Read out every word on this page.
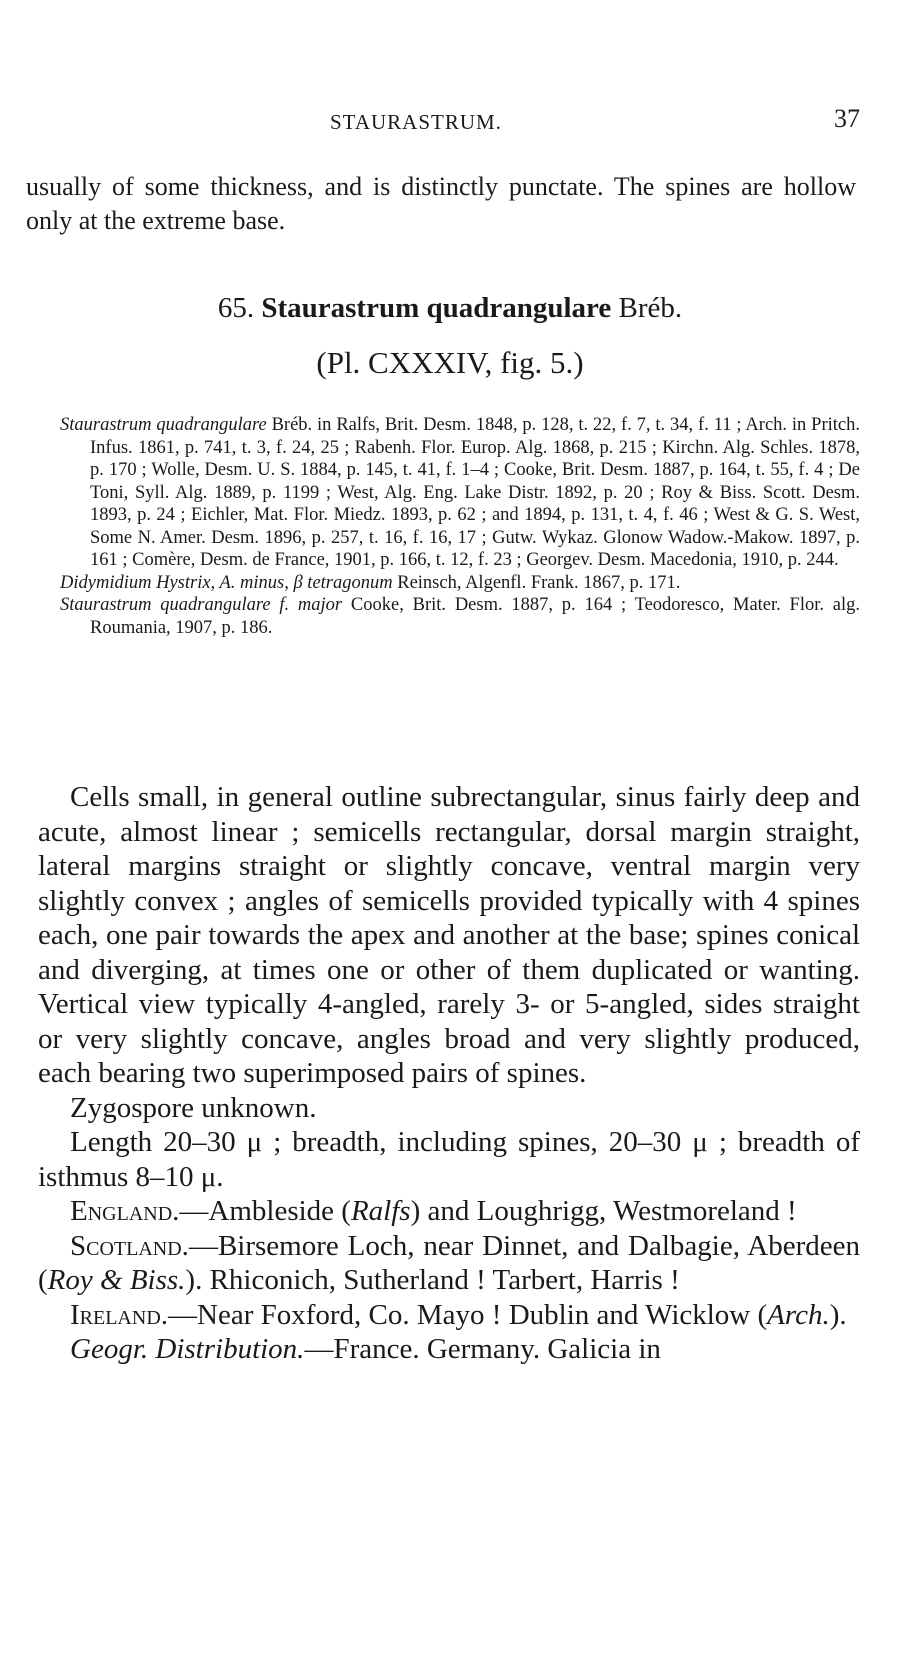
STAURASTRUM.	37

usually of some thickness, and is distinctly punctate. The spines are hollow only at the extreme base.

65. Staurastrum quadrangulare Bréb.
(Pl. CXXXIV, fig. 5.)

Staurastrum quadrangulare Bréb. in Ralfs, Brit. Desm. 1848, p. 128, t. 22, f. 7, t. 34, f. 11 ; Arch. in Pritch. Infus. 1861, p. 741, t. 3, f. 24, 25 ; Rabenh. Flor. Europ. Alg. 1868, p. 215 ; Kirchn. Alg. Schles. 1878, p. 170 ; Wolle, Desm. U. S. 1884, p. 145, t. 41, f. 1–4 ; Cooke, Brit. Desm. 1887, p. 164, t. 55, f. 4 ; De Toni, Syll. Alg. 1889, p. 1199 ; West, Alg. Eng. Lake Distr. 1892, p. 20 ; Roy & Biss. Scott. Desm. 1893, p. 24 ; Eichler, Mat. Flor. Miedz. 1893, p. 62 ; and 1894, p. 131, t. 4, f. 46 ; West & G. S. West, Some N. Amer. Desm. 1896, p. 257, t. 16, f. 16, 17 ; Gutw. Wykaz. Glonow Wadow.-Makow. 1897, p. 161 ; Comère, Desm. de France, 1901, p. 166, t. 12, f. 23 ; Georgev. Desm. Macedonia, 1910, p. 244.

Didymidium Hystrix, A. minus, β tetragonum Reinsch, Algenfl. Frank. 1867, p. 171.

Staurastrum quadrangulare f. major Cooke, Brit. Desm. 1887, p. 164 ; Teodoresco, Mater. Flor. alg. Roumania, 1907, p. 186.

Cells small, in general outline subrectangular, sinus fairly deep and acute, almost linear ; semicells rectangular, dorsal margin straight, lateral margins straight or slightly concave, ventral margin very slightly convex ; angles of semicells provided typically with 4 spines each, one pair towards the apex and another at the base; spines conical and diverging, at times one or other of them duplicated or wanting. Vertical view typically 4-angled, rarely 3- or 5-angled, sides straight or very slightly concave, angles broad and very slightly produced, each bearing two superimposed pairs of spines.

Zygospore unknown.

Length 20–30 μ ; breadth, including spines, 20–30 μ ; breadth of isthmus 8–10 μ.

England.—Ambleside (Ralfs) and Loughrigg, Westmoreland !

Scotland.—Birsemore Loch, near Dinnet, and Dalbagie, Aberdeen (Roy & Biss.). Rhiconich, Sutherland ! Tarbert, Harris !

Ireland.—Near Foxford, Co. Mayo ! Dublin and Wicklow (Arch.).

Geogr. Distribution.—France. Germany. Galicia in
